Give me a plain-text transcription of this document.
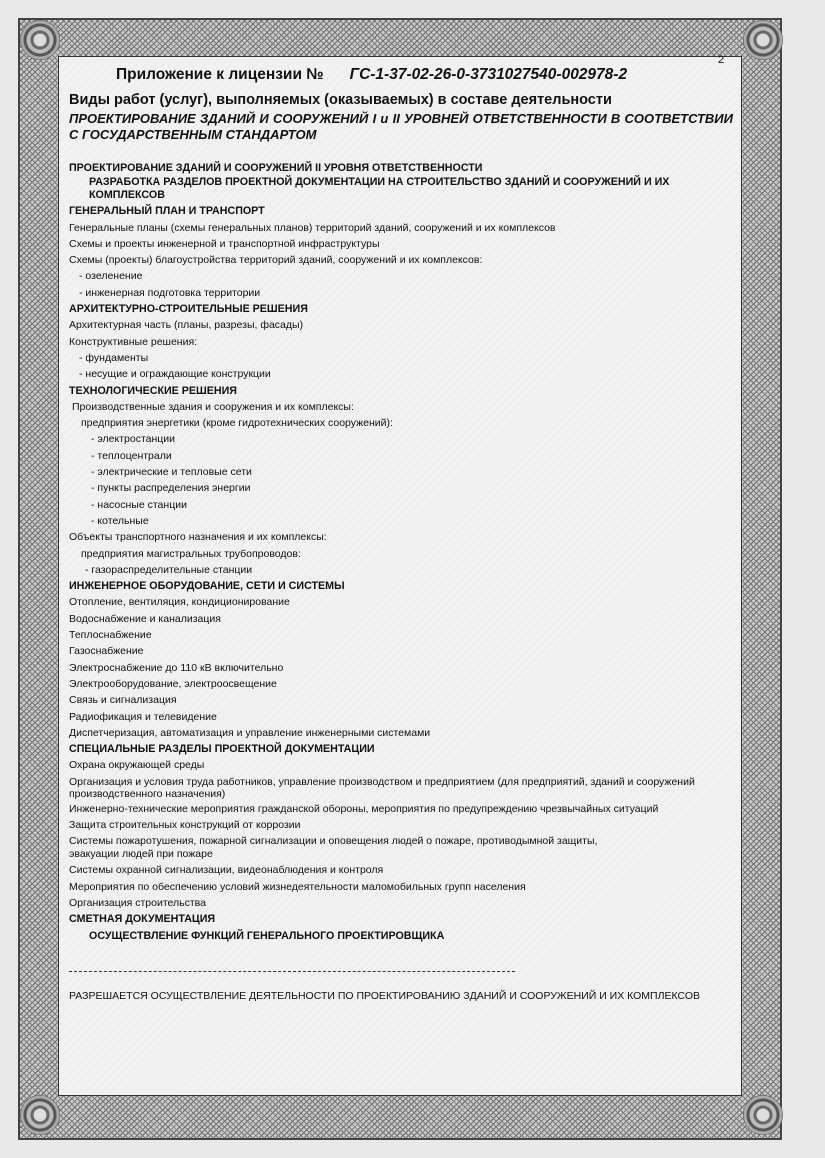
2
Приложение к лицензии № ГС-1-37-02-26-0-3731027540-002978-2
Виды работ (услуг), выполняемых (оказываемых) в составе деятельности
ПРОЕКТИРОВАНИЕ ЗДАНИЙ И СООРУЖЕНИЙ I и II УРОВНЕЙ ОТВЕТСТВЕННОСТИ В СООТВЕТСТВИИ С ГОСУДАРСТВЕННЫМ СТАНДАРТОМ
ПРОЕКТИРОВАНИЕ ЗДАНИЙ И СООРУЖЕНИЙ II УРОВНЯ ОТВЕТСТВЕННОСТИ
РАЗРАБОТКА РАЗДЕЛОВ ПРОЕКТНОЙ ДОКУМЕНТАЦИИ НА СТРОИТЕЛЬСТВО ЗДАНИЙ И СООРУЖЕНИЙ И ИХ КОМПЛЕКСОВ
ГЕНЕРАЛЬНЫЙ ПЛАН И ТРАНСПОРТ
Генеральные планы (схемы генеральных планов) территорий зданий, сооружений и их комплексов
Схемы и проекты инженерной и транспортной инфраструктуры
Схемы (проекты) благоустройства территорий зданий, сооружений и их комплексов:
- озеленение
- инженерная подготовка территории
АРХИТЕКТУРНО-СТРОИТЕЛЬНЫЕ РЕШЕНИЯ
Архитектурная часть (планы, разрезы, фасады)
Конструктивные решения:
- фундаменты
- несущие и ограждающие конструкции
ТЕХНОЛОГИЧЕСКИЕ РЕШЕНИЯ
Производственные здания и сооружения и их комплексы:
предприятия энергетики (кроме гидротехнических сооружений):
- электростанции
- теплоцентрали
- электрические и тепловые сети
- пункты распределения энергии
- насосные станции
- котельные
Объекты транспортного назначения и их комплексы:
предприятия магистральных трубопроводов:
- газораспределительные станции
ИНЖЕНЕРНОЕ ОБОРУДОВАНИЕ, СЕТИ И СИСТЕМЫ
Отопление, вентиляция, кондиционирование
Водоснабжение и канализация
Теплоснабжение
Газоснабжение
Электроснабжение до 110 кВ включительно
Электрооборудование, электроосвещение
Связь и сигнализация
Радиофикация и телевидение
Диспетчеризация, автоматизация и управление инженерными системами
СПЕЦИАЛЬНЫЕ РАЗДЕЛЫ ПРОЕКТНОЙ ДОКУМЕНТАЦИИ
Охрана окружающей среды
Организация и условия труда работников, управление производством и предприятием (для предприятий, зданий и сооружений производственного назначения)
Инженерно-технические мероприятия гражданской обороны, мероприятия по предупреждению чрезвычайных ситуаций
Защита строительных конструкций от коррозии
Системы пожаротушения, пожарной сигнализации и оповещения людей о пожаре, противодымной защиты, эвакуации людей при пожаре
Системы охранной сигнализации, видеонаблюдения и контроля
Мероприятия по обеспечению условий жизнедеятельности маломобильных групп населения
Организация строительства
СМЕТНАЯ ДОКУМЕНТАЦИЯ
ОСУЩЕСТВЛЕНИЕ ФУНКЦИЙ ГЕНЕРАЛЬНОГО ПРОЕКТИРОВЩИКА
РАЗРЕШАЕТСЯ ОСУЩЕСТВЛЕНИЕ ДЕЯТЕЛЬНОСТИ ПО ПРОЕКТИРОВАНИЮ ЗДАНИЙ И СООРУЖЕНИЙ И ИХ КОМПЛЕКСОВ
